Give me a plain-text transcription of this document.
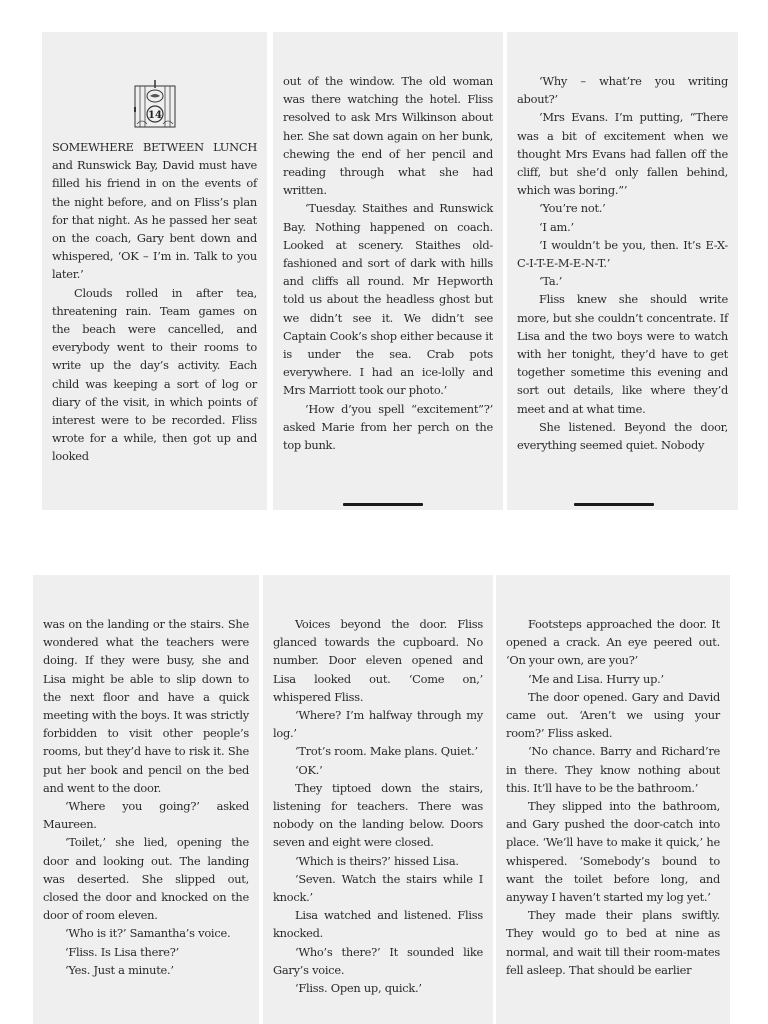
14

SOMEWHERE BETWEEN LUNCH and Runswick Bay, David must have filled his friend in on the events of the night before, and on Fliss’s plan for that night. As he passed her seat on the coach, Gary bent down and whispered, ‘OK – I’m in. Talk to you later.’

Clouds rolled in after tea, threatening rain. Team games on the beach were cancelled, and everybody went to their rooms to write up the day’s activity. Each child was keeping a sort of log or diary of the visit, in which points of interest were to be recorded. Fliss wrote for a while, then got up and looked

out of the window. The old woman was there watching the hotel. Fliss resolved to ask Mrs Wilkinson about her. She sat down again on her bunk, chewing the end of her pencil and reading through what she had written.

‘Tuesday. Staithes and Runswick Bay. Nothing happened on coach. Looked at scenery. Staithes old-fashioned and sort of dark with hills and cliffs all round. Mr Hepworth told us about the headless ghost but we didn’t see it. We didn’t see Captain Cook’s shop either because it is under the sea. Crab pots everywhere. I had an ice-lolly and Mrs Marriott took our photo.’

‘How d’you spell “excitement”?’ asked Marie from her perch on the top bunk.

‘Why – what’re you writing about?’

‘Mrs Evans. I’m putting, “There was a bit of excitement when we thought Mrs Evans had fallen off the cliff, but she’d only fallen behind, which was boring.”’

‘You’re not.’

‘I am.’

‘I wouldn’t be you, then. It’s E-X-C-I-T-E-M-E-N-T.’

‘Ta.’

Fliss knew she should write more, but she couldn’t concentrate. If Lisa and the two boys were to watch with her tonight, they’d have to get together sometime this evening and sort out details, like where they’d meet and at what time.

She listened. Beyond the door, everything seemed quiet. Nobody

was on the landing or the stairs. She wondered what the teachers were doing. If they were busy, she and Lisa might be able to slip down to the next floor and have a quick meeting with the boys. It was strictly forbidden to visit other people’s rooms, but they’d have to risk it. She put her book and pencil on the bed and went to the door.

‘Where you going?’ asked Maureen.

‘Toilet,’ she lied, opening the door and looking out. The landing was deserted. She slipped out, closed the door and knocked on the door of room eleven.

‘Who is it?’ Samantha’s voice.

‘Fliss. Is Lisa there?’

‘Yes. Just a minute.’

Voices beyond the door. Fliss glanced towards the cupboard. No number. Door eleven opened and Lisa looked out. ‘Come on,’ whispered Fliss.

‘Where? I’m halfway through my log.’

‘Trot’s room. Make plans. Quiet.’

‘OK.’

They tiptoed down the stairs, listening for teachers. There was nobody on the landing below. Doors seven and eight were closed.

‘Which is theirs?’ hissed Lisa.

‘Seven. Watch the stairs while I knock.’

Lisa watched and listened. Fliss knocked.

‘Who’s there?’ It sounded like Gary’s voice.

‘Fliss. Open up, quick.’

Footsteps approached the door. It opened a crack. An eye peered out. ‘On your own, are you?’

‘Me and Lisa. Hurry up.’

The door opened. Gary and David came out. ‘Aren’t we using your room?’ Fliss asked.

‘No chance. Barry and Richard’re in there. They know nothing about this. It’ll have to be the bathroom.’

They slipped into the bathroom, and Gary pushed the door-catch into place. ‘We’ll have to make it quick,’ he whispered. ‘Somebody’s bound to want the toilet before long, and anyway I haven’t started my log yet.’

They made their plans swiftly. They would go to bed at nine as normal, and wait till their room-mates fell asleep. That should be earlier
